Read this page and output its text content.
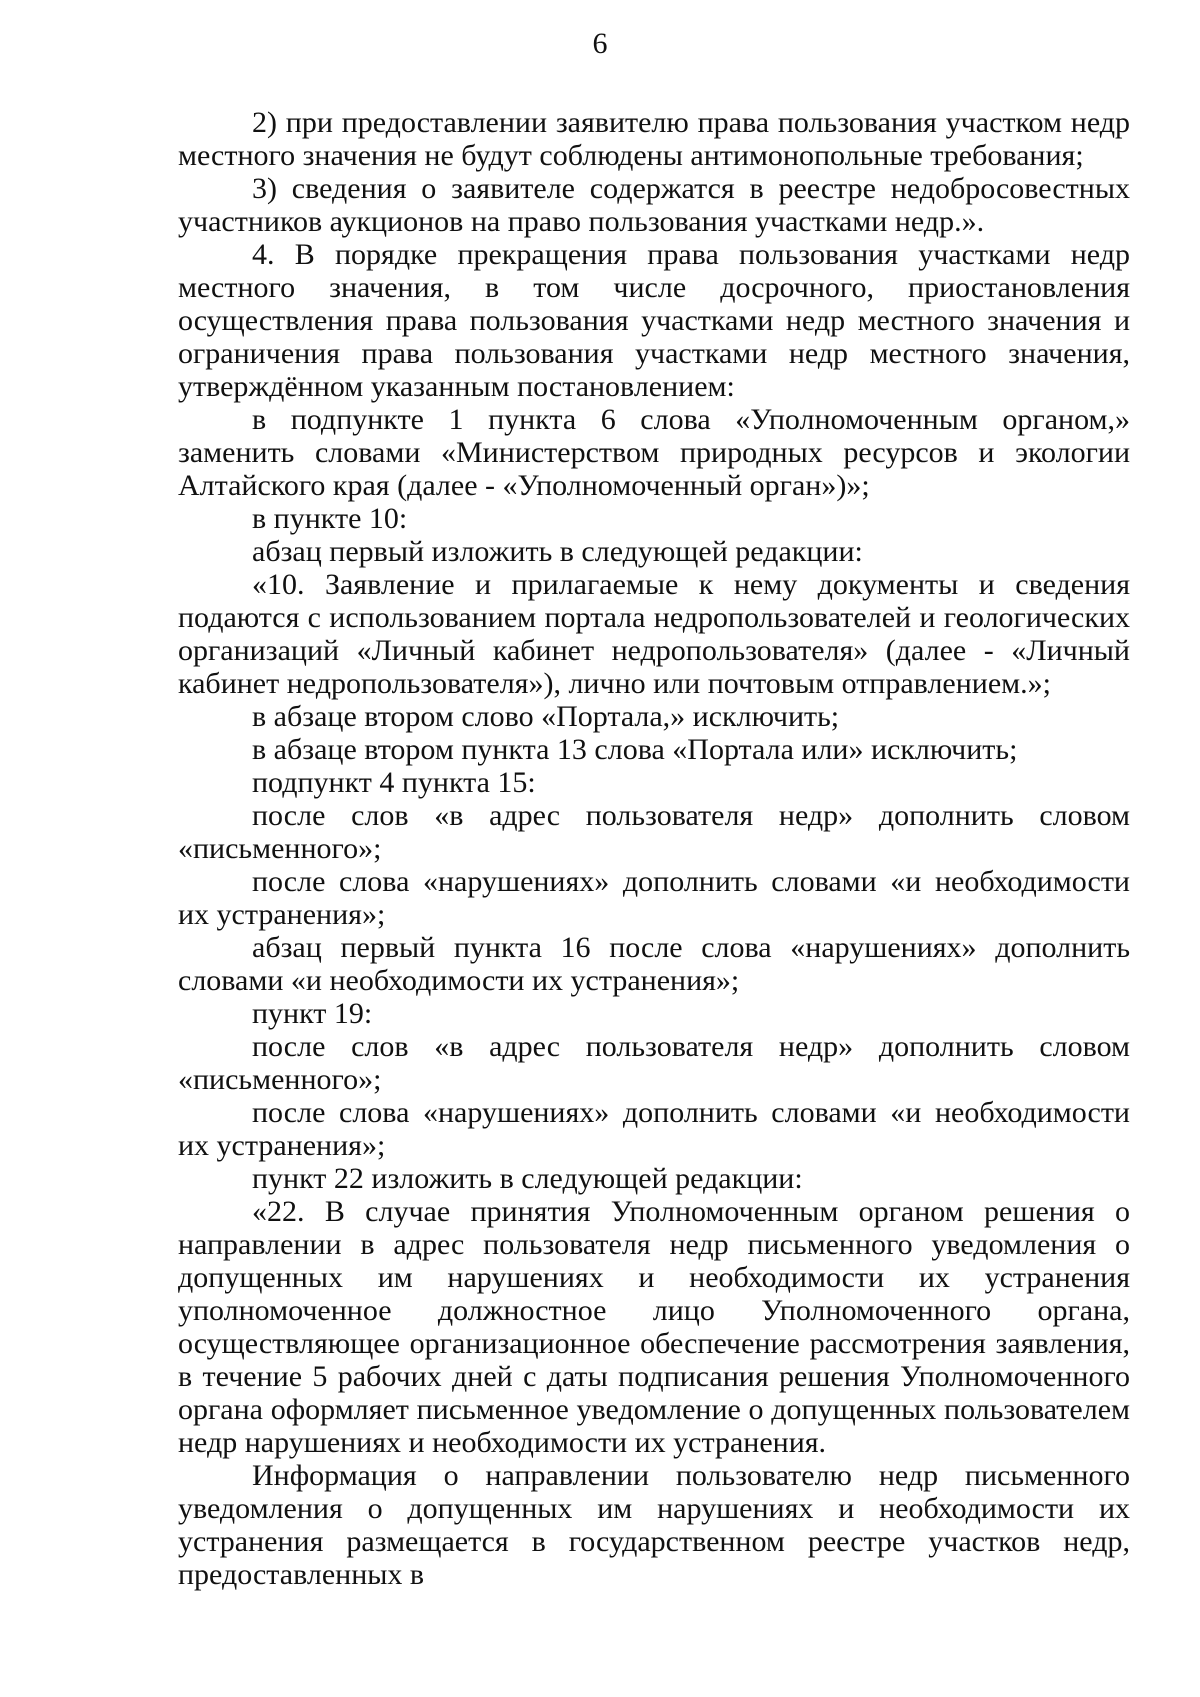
6

2) при предоставлении заявителю права пользования участком недр местного значения не будут соблюдены антимонопольные требования;

3) сведения о заявителе содержатся в реестре недобросовестных участников аукционов на право пользования участками недр.».

4. В порядке прекращения права пользования участками недр местного значения, в том числе досрочного, приостановления осуществления права пользования участками недр местного значения и ограничения права пользования участками недр местного значения, утверждённом указанным постановлением:

в подпункте 1 пункта 6 слова «Уполномоченным органом,» заменить словами «Министерством природных ресурсов и экологии Алтайского края (далее - «Уполномоченный орган»)»;

в пункте 10:

абзац первый изложить в следующей редакции:

«10. Заявление и прилагаемые к нему документы и сведения подаются с использованием портала недропользователей и геологических организаций «Личный кабинет недропользователя» (далее - «Личный кабинет недропользователя»), лично или почтовым отправлением.»;

в абзаце втором слово «Портала,» исключить;

в абзаце втором пункта 13 слова «Портала или» исключить;

подпункт 4 пункта 15:

после слов «в адрес пользователя недр» дополнить словом «письменного»;

после слова «нарушениях» дополнить словами «и необходимости их устранения»;

абзац первый пункта 16 после слова «нарушениях» дополнить словами «и необходимости их устранения»;

пункт 19:

после слов «в адрес пользователя недр» дополнить словом «письменного»;

после слова «нарушениях» дополнить словами «и необходимости их устранения»;

пункт 22 изложить в следующей редакции:

«22. В случае принятия Уполномоченным органом решения о направлении в адрес пользователя недр письменного уведомления о допущенных им нарушениях и необходимости их устранения уполномоченное должностное лицо Уполномоченного органа, осуществляющее организационное обеспечение рассмотрения заявления, в течение 5 рабочих дней с даты подписания решения Уполномоченного органа оформляет письменное уведомление о допущенных пользователем недр нарушениях и необходимости их устранения.

Информация о направлении пользователю недр письменного уведомления о допущенных им нарушениях и необходимости их устранения размещается в государственном реестре участков недр, предоставленных в
